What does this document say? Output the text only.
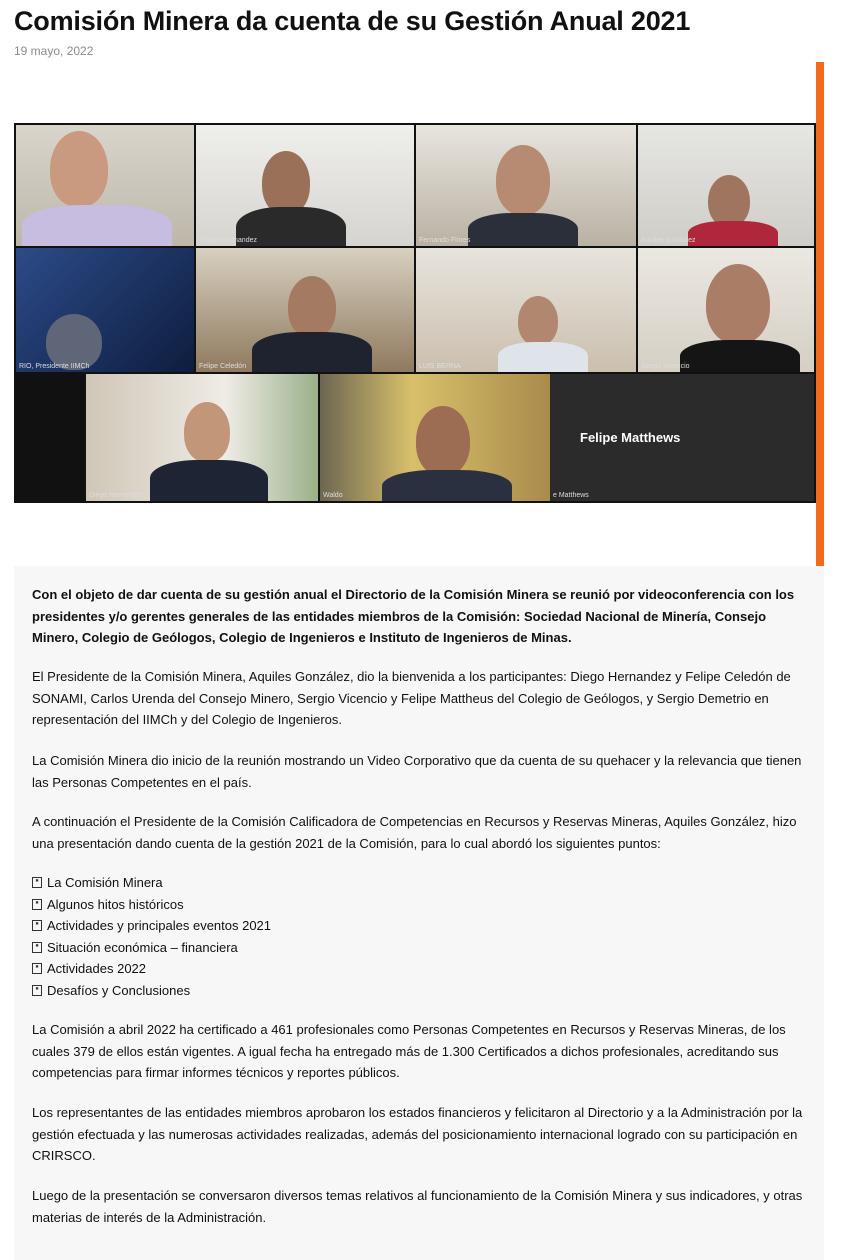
Comisión Minera da cuenta de su Gestión Anual 2021
19 mayo, 2022
Gladys Hernandez	Fernando Flores	Aquiles Gonzalez
RIO, Presidente IIMCh	Felipe Celedón	LUIS BERNA	Sergio Vicencio
Diego Hernandez	Waldo
Felipe Matthews
e Matthews

Con el objeto de dar cuenta de su gestión anual el Directorio de la Comisión Minera se reunió por videoconferencia con los presidentes y/o gerentes generales de las entidades miembros de la Comisión: Sociedad Nacional de Minería, Consejo Minero, Colegio de Geólogos, Colegio de Ingenieros e Instituto de Ingenieros de Minas.

El Presidente de la Comisión Minera, Aquiles González, dio la bienvenida a los participantes: Diego Hernandez y Felipe Celedón de SONAMI, Carlos Urenda del Consejo Minero, Sergio Vicencio y Felipe Mattheus del Colegio de Geólogos, y Sergio Demetrio en representación del IIMCh y del Colegio de Ingenieros.

La Comisión Minera dio inicio de la reunión mostrando un Video Corporativo que da cuenta de su quehacer y la relevancia que tienen las Personas Competentes en el país.

A continuación el Presidente de la Comisión Calificadora de Competencias en Recursos y Reservas Mineras, Aquiles González, hizo una presentación dando cuenta de la gestión 2021 de la Comisión, para lo cual abordó los siguientes puntos:

▪ La Comisión Minera
▪ Algunos hitos históricos
▪ Actividades y principales eventos 2021
▪ Situación económica – financiera
▪ Actividades 2022
▪ Desafíos y Conclusiones

La Comisión a abril 2022 ha certificado a 461 profesionales como Personas Competentes en Recursos y Reservas Mineras, de los cuales 379 de ellos están vigentes. A igual fecha ha entregado más de 1.300 Certificados a dichos profesionales, acreditando sus competencias para firmar informes técnicos y reportes públicos.

Los representantes de las entidades miembros aprobaron los estados financieros y felicitaron al Directorio y a la Administración por la gestión efectuada y las numerosas actividades realizadas, además del posicionamiento internacional logrado con su participación en CRIRSCO.

Luego de la presentación se conversaron diversos temas relativos al funcionamiento de la Comisión Minera y sus indicadores, y otras materias de interés de la Administración.
